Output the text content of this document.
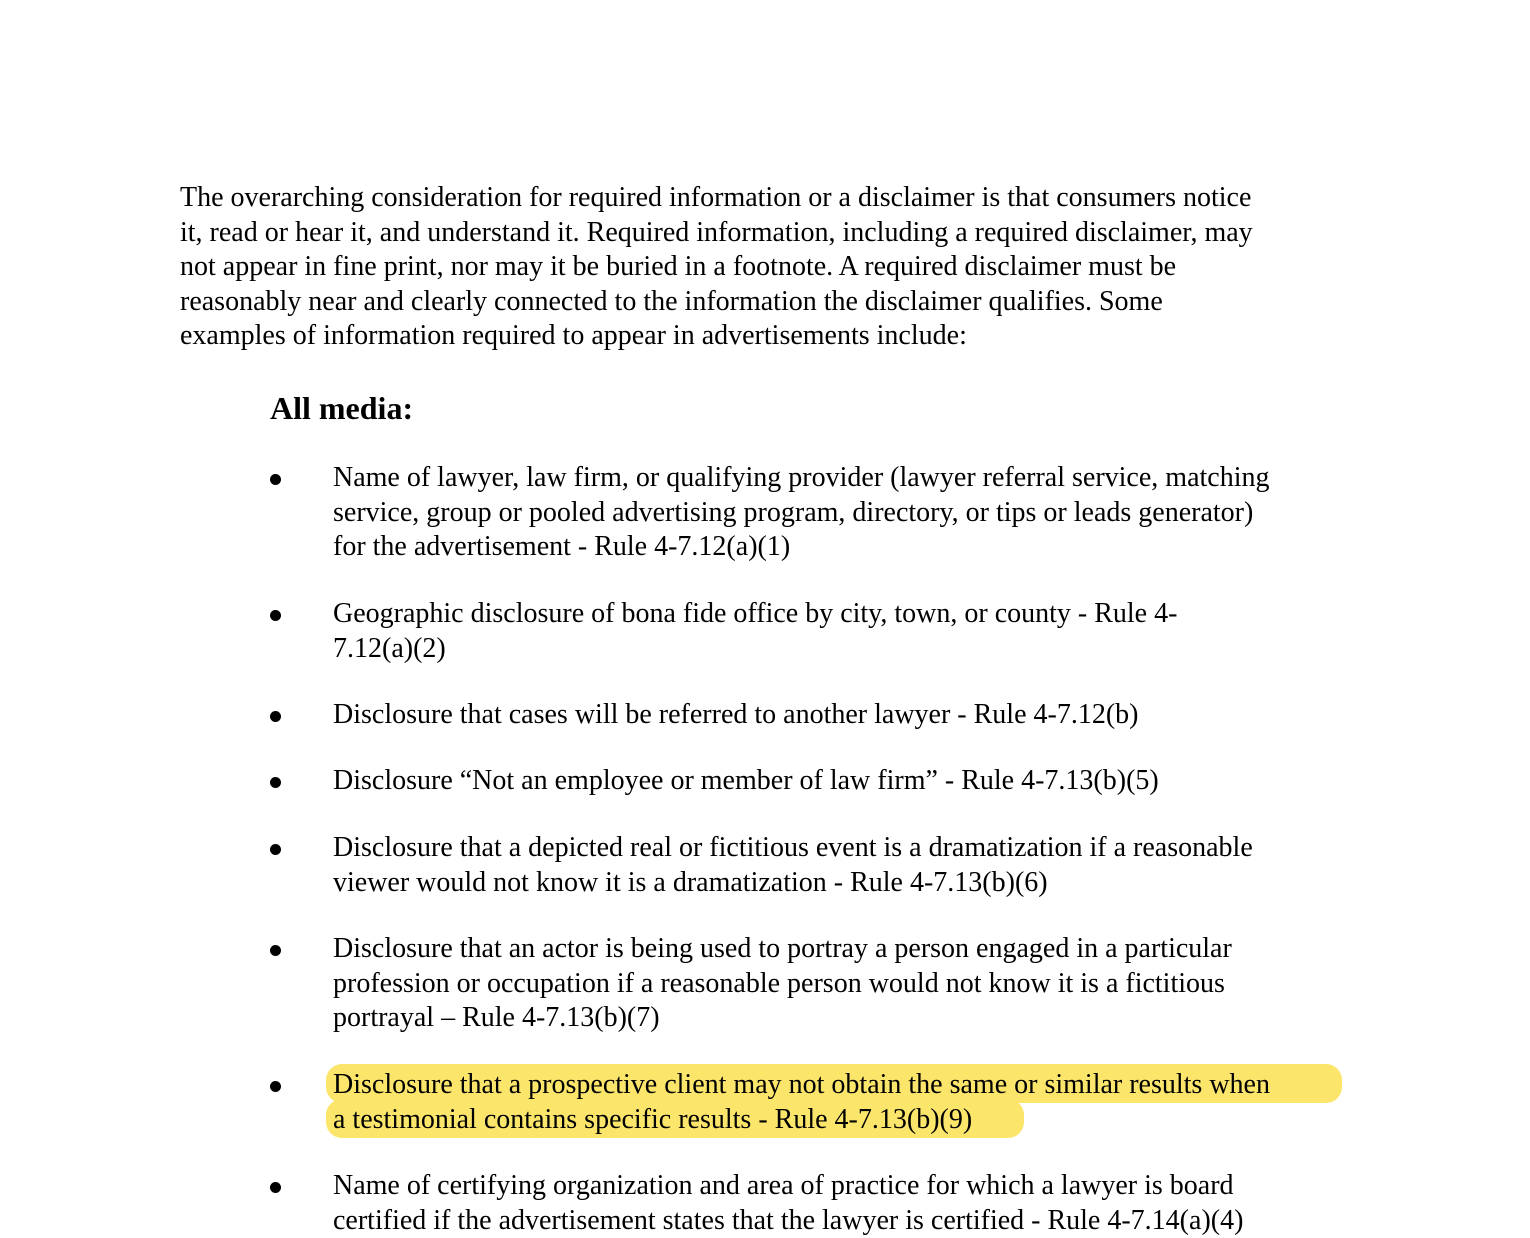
The overarching consideration for required information or a disclaimer is that consumers notice
it, read or hear it, and understand it. Required information, including a required disclaimer, may
not appear in fine print, nor may it be buried in a footnote. A required disclaimer must be
reasonably near and clearly connected to the information the disclaimer qualifies. Some
examples of information required to appear in advertisements include:

All media:

Name of lawyer, law firm, or qualifying provider (lawyer referral service, matching
service, group or pooled advertising program, directory, or tips or leads generator)
for the advertisement - Rule 4-7.12(a)(1)

Geographic disclosure of bona fide office by city, town, or county - Rule 4-
7.12(a)(2)

Disclosure that cases will be referred to another lawyer - Rule 4-7.12(b)

Disclosure “Not an employee or member of law firm” - Rule 4-7.13(b)(5)

Disclosure that a depicted real or fictitious event is a dramatization if a reasonable
viewer would not know it is a dramatization - Rule 4-7.13(b)(6)

Disclosure that an actor is being used to portray a person engaged in a particular
profession or occupation if a reasonable person would not know it is a fictitious
portrayal – Rule 4-7.13(b)(7)

Disclosure that a prospective client may not obtain the same or similar results when
a testimonial contains specific results - Rule 4-7.13(b)(9)

Name of certifying organization and area of practice for which a lawyer is board
certified if the advertisement states that the lawyer is certified - Rule 4-7.14(a)(4)
